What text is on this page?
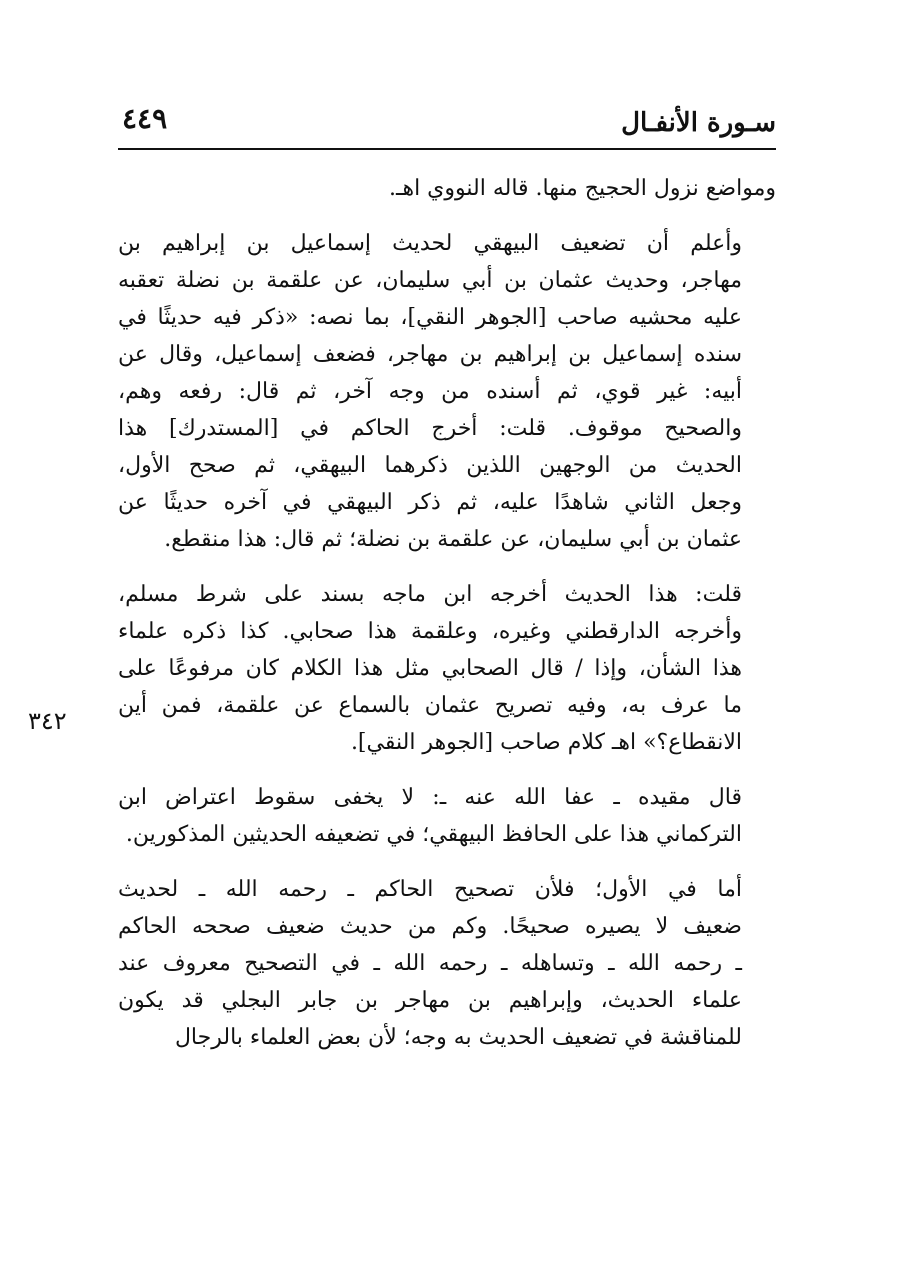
سـورة الأنفـال
٤٤٩
٣٤٢
ومواضع نزول الحجيج منها. قاله النووي اهـ.
وأعلم أن تضعيف البيهقي لحديث إسماعيل بن إبراهيم بن
مهاجر، وحديث عثمان بن أبي سليمان، عن علقمة بن نضلة تعقبه
عليه محشيه صاحب [الجوهر النقي]، بما نصه: «ذكر فيه حديثًا في
سنده إسماعيل بن إبراهيم بن مهاجر، فضعف إسماعيل، وقال عن
أبيه: غير قوي، ثم أسنده من وجه آخر، ثم قال: رفعه وهم،
والصحيح موقوف. قلت: أخرج الحاكم في [المستدرك] هذا
الحديث من الوجهين اللذين ذكرهما البيهقي، ثم صحح الأول،
وجعل الثاني شاهدًا عليه، ثم ذكر البيهقي في آخره حديثًا عن
عثمان بن أبي سليمان، عن علقمة بن نضلة؛ ثم قال: هذا منقطع.
قلت: هذا الحديث أخرجه ابن ماجه بسند على شرط مسلم،
وأخرجه الدارقطني وغيره، وعلقمة هذا صحابي. كذا ذكره علماء
هذا الشأن، وإذا / قال الصحابي مثل هذا الكلام كان مرفوعًا على
ما عرف به، وفيه تصريح عثمان بالسماع عن علقمة، فمن أين
الانقطاع؟» اهـ كلام صاحب [الجوهر النقي].
قال مقيده ـ عفا الله عنه ـ: لا يخفى سقوط اعتراض ابن
التركماني هذا على الحافظ البيهقي؛ في تضعيفه الحديثين المذكورين.
أما في الأول؛ فلأن تصحيح الحاكم ـ رحمه الله ـ لحديث
ضعيف لا يصيره صحيحًا. وكم من حديث ضعيف صححه الحاكم
ـ رحمه الله ـ وتساهله ـ رحمه الله ـ في التصحيح معروف عند
علماء الحديث، وإبراهيم بن مهاجر بن جابر البجلي قد يكون
للمناقشة في تضعيف الحديث به وجه؛ لأن بعض العلماء بالرجال
